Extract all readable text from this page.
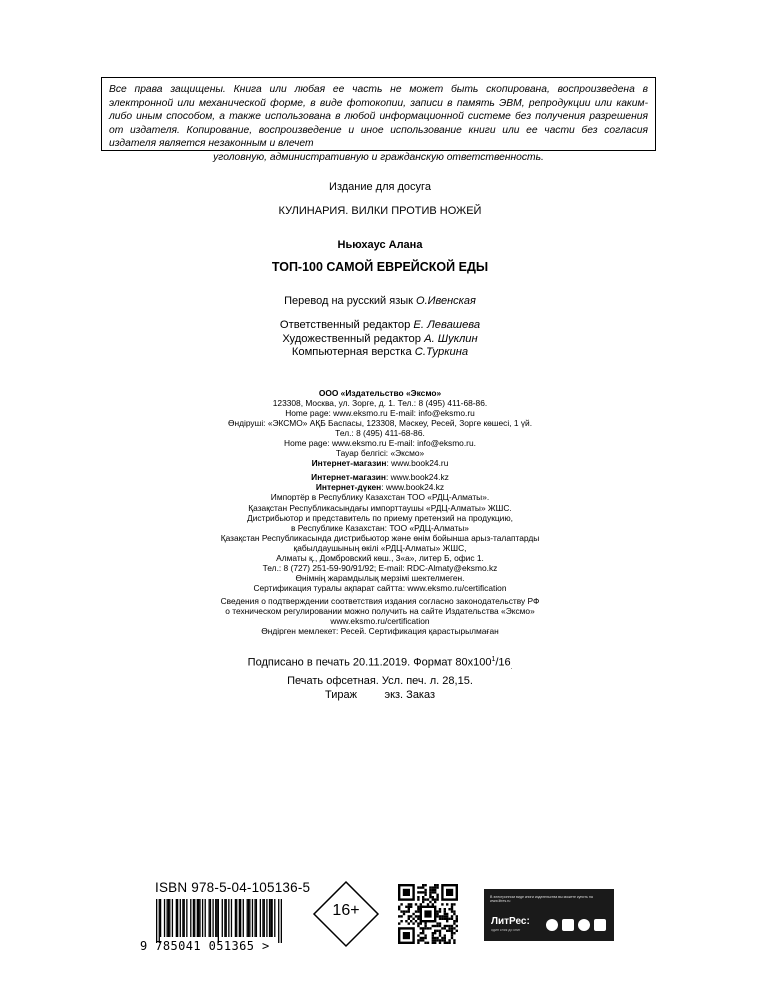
Все права защищены. Книга или любая ее часть не может быть скопирована, воспроизведена в электронной или механической форме, в виде фотокопии, записи в память ЭВМ, репродукции или каким-либо иным способом, а также использована в любой информационной системе без получения разрешения от издателя. Копирование, воспроизведение и иное использование книги или ее части без согласия издателя является незаконным и влечет
уголовную, административную и гражданскую ответственность.
Издание для досуга
КУЛИНАРИЯ. ВИЛКИ ПРОТИВ НОЖЕЙ
Ньюхаус Алана
ТОП-100 САМОЙ ЕВРЕЙСКОЙ ЕДЫ
Перевод на русский язык О.Ивенская
Ответственный редактор Е. Левашева
Художественный редактор А. Шуклин
Компьютерная верстка С.Туркина
ООО «Издательство «Эксмо»
123308, Москва, ул. Зорге, д. 1. Тел.: 8 (495) 411-68-86.
Home page: www.eksmo.ru E-mail: info@eksmo.ru
Өндіруші: «ЭКСМО» АҚБ Баспасы, 123308, Мәскеу, Ресей, Зорге көшесі, 1 үй.
Тел.: 8 (495) 411-68-86.
Home page: www.eksmo.ru E-mail: info@eksmo.ru.
Тауар белгісі: «Эксмо»
Интернет-магазин: www.book24.ru
Интернет-магазин: www.book24.kz
Интернет-дүкен: www.book24.kz
Импортёр в Республику Казахстан ТОО «РДЦ-Алматы».
Қазақстан Республикасындағы импорттаушы «РДЦ-Алматы» ЖШС.
Дистрибьютор и представитель по приему претензий на продукцию,
в Республике Казахстан: ТОО «РДЦ-Алматы»
Қазақстан Республикасында дистрибьютор және өнім бойынша арыз-талаптарды
қабылдаушының өкілі «РДЦ-Алматы» ЖШС,
Алматы қ., Домбровский көш., 3«а», литер Б, офис 1.
Тел.: 8 (727) 251-59-90/91/92; E-mail: RDC-Almaty@eksmo.kz
Өнімнің жарамдылық мерзімі шектелмеген.
Сертификация туралы ақпарат сайтта: www.eksmo.ru/certification
Сведения о подтверждении соответствия издания согласно законодательству РФ
о техническом регулировании можно получить на сайте Издательства «Эксмо»
www.eksmo.ru/certification
Өндірген мемлекет: Ресей. Сертификация қарастырылмаған
Подписано в печать 20.11.2019. Формат $80x100^1/16_.$
Печать офсетная. Усл. печ. л. 28,15.
Тираж	экз. Заказ
ISBN 978-5-04-105136-5
9 785041 051365 >
16+
В электронном виде книги издательства вы можете купить на www.litres.ru
ЛитРес:
один клик до книг
